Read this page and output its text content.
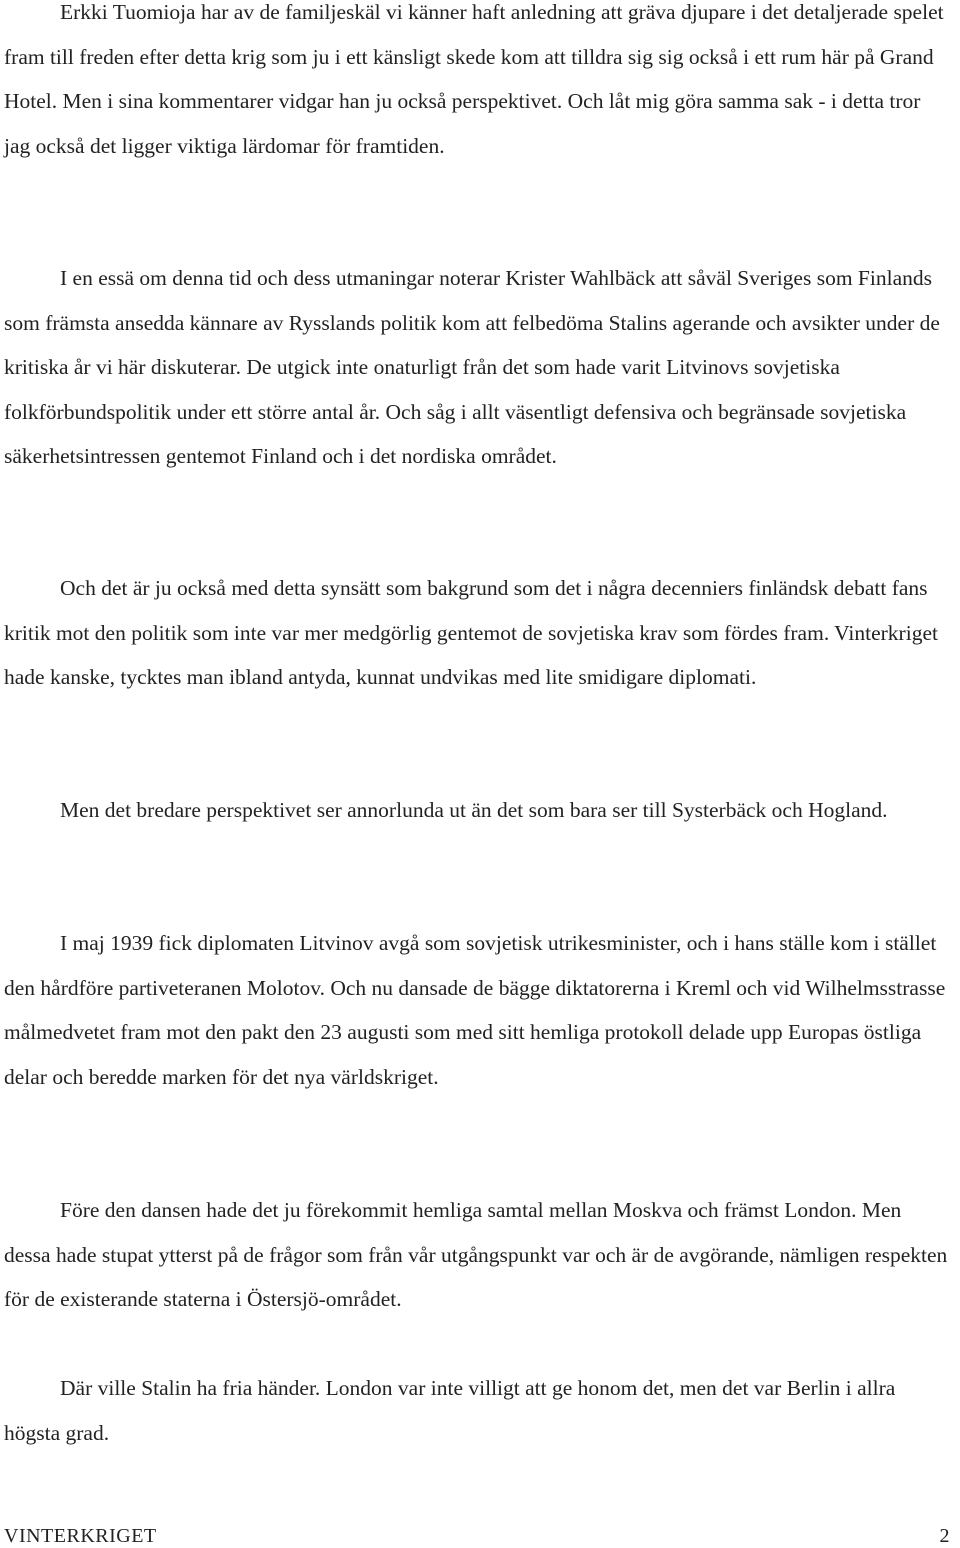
Erkki Tuomioja har av de familjeskäl vi känner haft anledning att gräva djupare i det detaljerade spelet fram till freden efter detta krig som ju i ett känsligt skede kom att tilldra sig sig också i ett rum här på Grand Hotel. Men i sina kommentarer vidgar han ju också perspektivet. Och låt mig göra samma sak - i detta tror jag också det ligger viktiga lärdomar för framtiden.

I en essä om denna tid och dess utmaningar noterar Krister Wahlbäck att såväl Sveriges som Finlands som främsta ansedda kännare av Rysslands politik kom att felbedöma Stalins agerande och avsikter under de kritiska år vi här diskuterar. De utgick inte onaturligt från det som hade varit Litvinovs sovjetiska folkförbundspolitik under ett större antal år. Och såg i allt väsentligt defensiva och begränsade sovjetiska säkerhetsintressen gentemot Finland och i det nordiska området.

Och det är ju också med detta synsätt som bakgrund som det i några decenniers finländsk debatt fans kritik mot den politik som inte var mer medgörlig gentemot de sovjetiska krav som fördes fram. Vinterkriget hade kanske, tycktes man ibland antyda, kunnat undvikas med lite smidigare diplomati.

Men det bredare perspektivet ser annorlunda ut än det som bara ser till Systerbäck och Hogland.

I maj 1939 fick diplomaten Litvinov avgå som sovjetisk utrikesminister, och i hans ställe kom i stället den hårdföre partiveteranen Molotov. Och nu dansade de bägge diktatorerna i Kreml och vid Wilhelmsstrasse målmedvetet fram mot den pakt den 23 augusti som med sitt hemliga protokoll delade upp Europas östliga delar och beredde marken för det nya världskriget.

Före den dansen hade det ju förekommit hemliga samtal mellan Moskva och främst London. Men dessa hade stupat ytterst på de frågor som från vår utgångspunkt var och är de avgörande, nämligen respekten för de existerande staterna i Östersjö-området.

Där ville Stalin ha fria händer. London var inte villigt att ge honom det, men det var Berlin i allra högsta grad.

VINTERKRIGET	2
